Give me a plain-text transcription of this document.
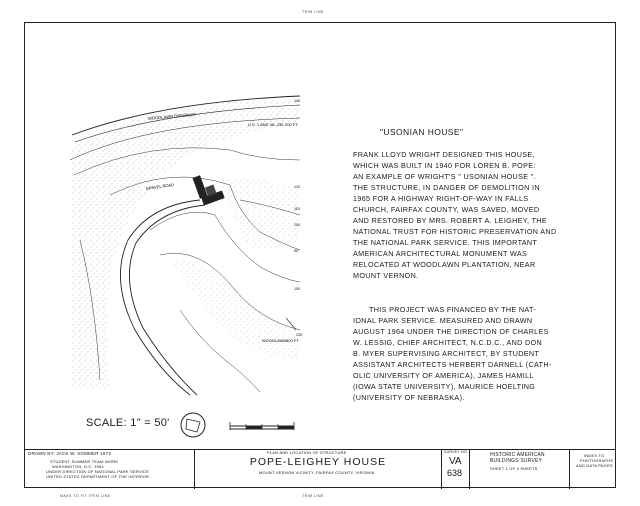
TRIM LINE
TRIM LINE
MAKE TO FIT TRIM LINE
WOODLAWN DRIVEWAY
U.S. 1 AND VA. 235 200 FT
GRAVEL ROAD
WOODLAWN 800 FT
140
120
110
100
90
150
130
"USONIAN HOUSE"
FRANK LLOYD WRIGHT DESIGNED THIS HOUSE,
WHICH WAS BUILT IN 1940 FOR LOREN B. POPE:
AN EXAMPLE OF WRIGHT'S " USONIAN HOUSE ".
THE STRUCTURE, IN DANGER OF DEMOLITION IN
1965 FOR A HIGHWAY RIGHT-OF-WAY IN FALLS
CHURCH, FAIRFAX COUNTY, WAS SAVED, MOVED
AND RESTORED BY MRS. ROBERT A. LEIGHEY, THE
NATIONAL TRUST FOR HISTORIC PRESERVATION AND
THE NATIONAL PARK SERVICE. THIS IMPORTANT
AMERICAN ARCHITECTURAL MONUMENT WAS
RELOCATED AT WOODLAWN PLANTATION, NEAR
MOUNT VERNON.
THIS PROJECT WAS FINANCED BY THE NAT-
IONAL PARK SERVICE. MEASURED AND DRAWN
AUGUST 1964 UNDER THE DIRECTION OF CHARLES
W. LESSIG, CHIEF ARCHITECT, N.C.D.C., AND DON
B. MYER SUPERVISING ARCHITECT, BY STUDENT
ASSISTANT ARCHITECTS HERBERT DARNELL (CATH-
OLIC UNIVERSITY OF AMERICA), JAMES HAMILL
(IOWA STATE UNIVERSITY), MAURICE HOELTING
(UNIVERSITY OF NEBRASKA).
SCALE: 1" = 50'
DRAWN BY: JACK W. SOMMER 1973
STUDENT SUMMER TEAM WORK
WASHINGTON, D.C. 1964
UNDER DIRECTION OF NATIONAL PARK SERVICE
UNITED STATES DEPARTMENT OF THE INTERIOR
PLAN AND LOCATION OF STRUCTURE
POPE-LEIGHEY HOUSE
MOUNT VERNON VICINITY, FAIRFAX COUNTY, VIRGINIA
SURVEY NO.
VA
638
HISTORIC AMERICAN
BUILDINGS SURVEY
SHEET 1 OF 9 SHEETS
INDEX TO
PHOTOGRAPHS
AND DATA PAGES
